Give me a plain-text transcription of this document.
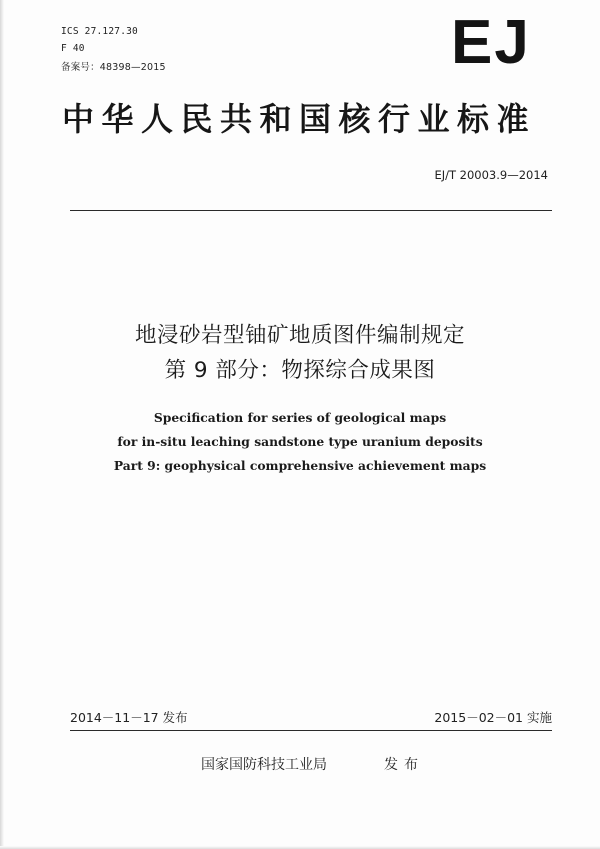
ICS 27.127.30
F 40
备案号：48398—2015	EJ
中华人民共和国核行业标准
EJ/T 20003.9—2014
地浸砂岩型铀矿地质图件编制规定
第 9 部分：物探综合成果图
Specification for series of geological maps
for in-situ leaching sandstone type uranium deposits
Part 9: geophysical comprehensive achievement maps
2014－11－17 发布	2015－02－01 实施
国家国防科技工业局	发布
